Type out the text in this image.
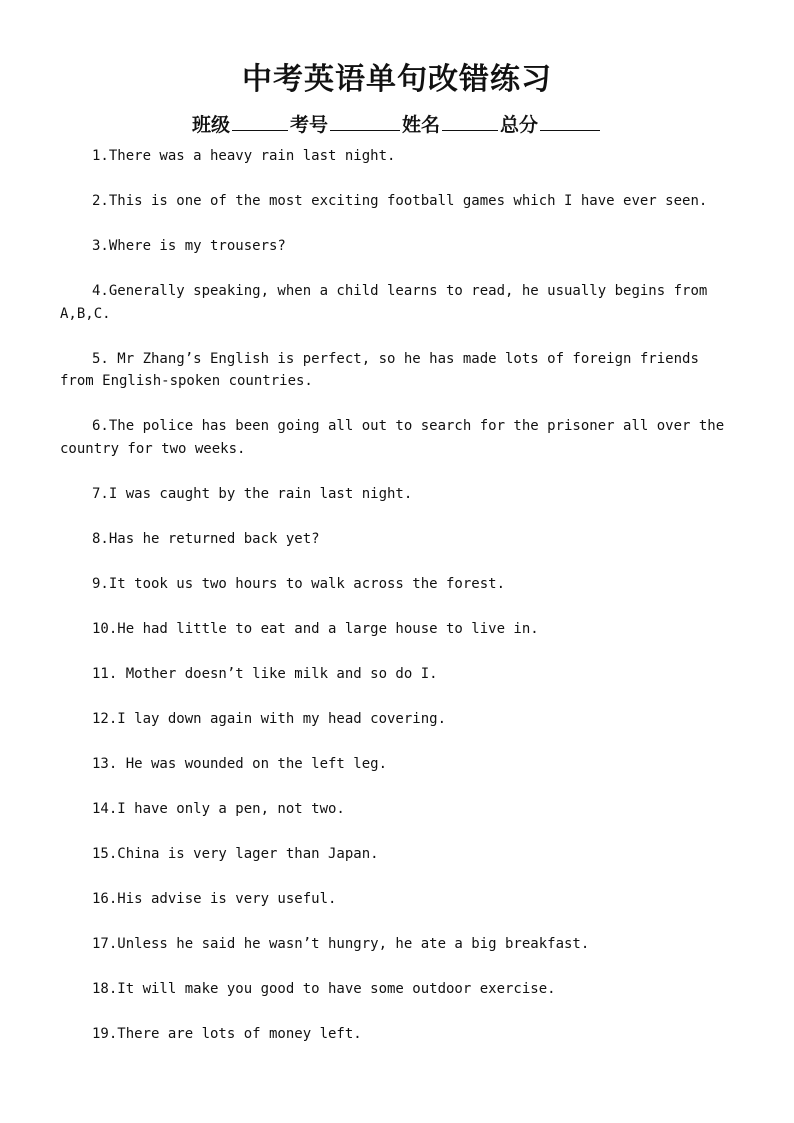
中考英语单句改错练习
班级	考号	姓名	总分

1.There was a heavy rain last night.

2.This is one of the most exciting football games which I have ever seen.

3.Where is my trousers?

4.Generally speaking, when a child learns to read, he usually begins from A,B,C.

5. Mr Zhang’s English is perfect, so he has made lots of foreign friends from English-spoken countries.

6.The police has been going all out to search for the prisoner all over the country for two weeks.

7.I was caught by the rain last night.

8.Has he returned back yet?

9.It took us two hours to walk across the forest.

10.He had little to eat and a large house to live in.

11. Mother doesn’t like milk and so do I.

12.I lay down again with my head covering.

13. He was wounded on the left leg.

14.I have only a pen, not two.

15.China is very lager than Japan.

16.His advise is very useful.

17.Unless he said he wasn’t hungry, he ate a big breakfast.

18.It will make you good to have some outdoor exercise.

19.There are lots of money left.
